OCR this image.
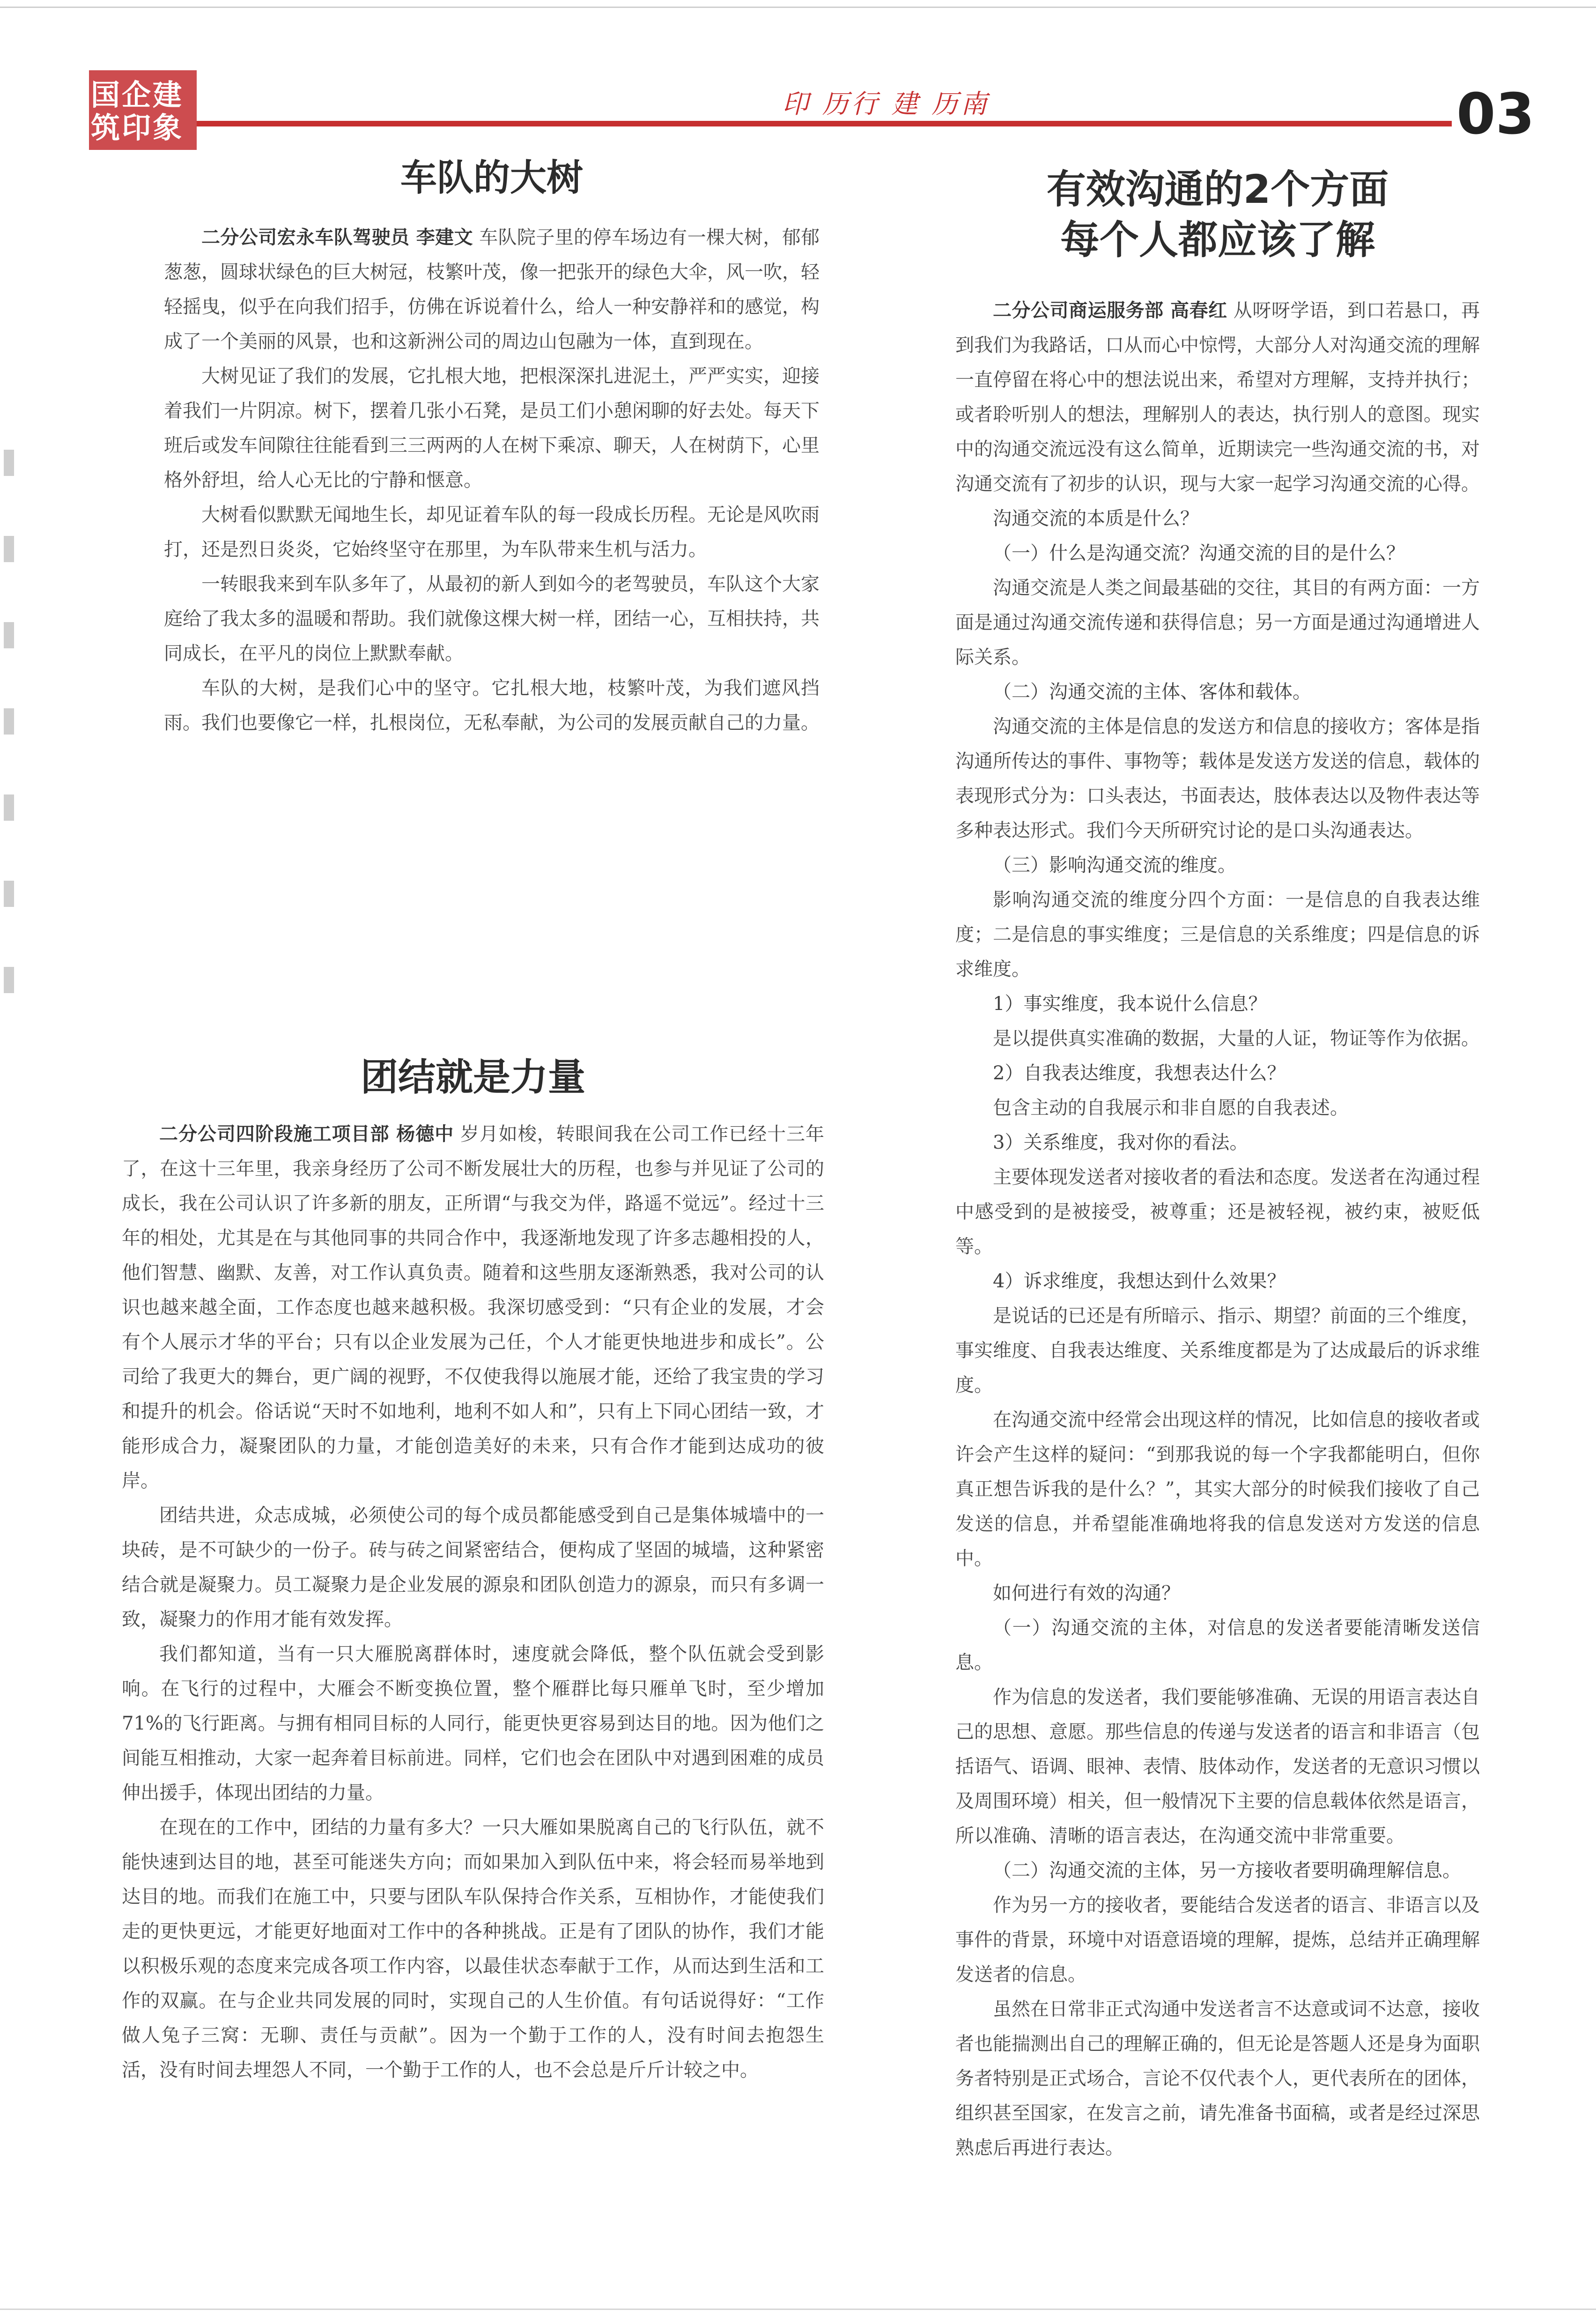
国企建筑印象
印 历行 建 历南	03
车队的大树

二分公司宏永车队驾驶员 李建文 车队院子里的停车场边有一棵大树，郁郁葱葱，圆球状绿色的巨大树冠，枝繁叶茂，像一把张开的绿色大伞，风一吹，轻轻摇曳，似乎在向我们招手，仿佛在诉说着什么，给人一种安静祥和的感觉，构成了一个美丽的风景，也和这新洲公司的周边山包融为一体，直到现在。

大树见证了我们的发展，它扎根大地，把根深深扎进泥土，严严实实，迎接着我们一片阴凉。树下，摆着几张小石凳，是员工们小憩闲聊的好去处。每天下班后或发车间隙往往能看到三三两两的人在树下乘凉、聊天，人在树荫下，心里格外舒坦，给人心无比的宁静和惬意。

大树看似默默无闻地生长，却见证着车队的每一段成长历程。无论是风吹雨打，还是烈日炎炎，它始终坚守在那里，为车队带来生机与活力。

一转眼我来到车队多年了，从最初的新人到如今的老驾驶员，车队这个大家庭给了我太多的温暖和帮助。我们就像这棵大树一样，团结一心，互相扶持，共同成长，在平凡的岗位上默默奉献。

车队的大树，是我们心中的坚守。它扎根大地，枝繁叶茂，为我们遮风挡雨。我们也要像它一样，扎根岗位，无私奉献，为公司的发展贡献自己的力量。

团结就是力量

二分公司四阶段施工项目部 杨德中 岁月如梭，转眼间我在公司工作已经十三年了，在这十三年里，我亲身经历了公司不断发展壮大的历程，也参与并见证了公司的成长，我在公司认识了许多新的朋友，正所谓“与我交为伴，路遥不觉远”。经过十三年的相处，尤其是在与其他同事的共同合作中，我逐渐地发现了许多志趣相投的人，他们智慧、幽默、友善，对工作认真负责。随着和这些朋友逐渐熟悉，我对公司的认识也越来越全面，工作态度也越来越积极。我深切感受到：“只有企业的发展，才会有个人展示才华的平台；只有以企业发展为己任，个人才能更快地进步和成长”。公司给了我更大的舞台，更广阔的视野，不仅使我得以施展才能，还给了我宝贵的学习和提升的机会。俗话说“天时不如地利，地利不如人和”，只有上下同心团结一致，才能形成合力，凝聚团队的力量，才能创造美好的未来，只有合作才能到达成功的彼岸。

团结共进，众志成城，必须使公司的每个成员都能感受到自己是集体城墙中的一块砖，是不可缺少的一份子。砖与砖之间紧密结合，便构成了坚固的城墙，这种紧密结合就是凝聚力。员工凝聚力是企业发展的源泉和团队创造力的源泉，而只有多调一致，凝聚力的作用才能有效发挥。

我们都知道，当有一只大雁脱离群体时，速度就会降低，整个队伍就会受到影响。在飞行的过程中，大雁会不断变换位置，整个雁群比每只雁单飞时，至少增加71%的飞行距离。与拥有相同目标的人同行，能更快更容易到达目的地。因为他们之间能互相推动，大家一起奔着目标前进。同样，它们也会在团队中对遇到困难的成员伸出援手，体现出团结的力量。

在现在的工作中，团结的力量有多大？一只大雁如果脱离自己的飞行队伍，就不能快速到达目的地，甚至可能迷失方向；而如果加入到队伍中来，将会轻而易举地到达目的地。而我们在施工中，只要与团队车队保持合作关系，互相协作，才能使我们走的更快更远，才能更好地面对工作中的各种挑战。正是有了团队的协作，我们才能以积极乐观的态度来完成各项工作内容，以最佳状态奉献于工作，从而达到生活和工作的双赢。在与企业共同发展的同时，实现自己的人生价值。有句话说得好：“工作做人兔子三窝：无聊、责任与贡献”。因为一个勤于工作的人，没有时间去抱怨生活，没有时间去埋怨人不同，一个勤于工作的人，也不会总是斤斤计较之中。

有效沟通的2个方面
每个人都应该了解

二分公司商运服务部 高春红 从呀呀学语，到口若悬口，再到我们为我路话，口从而心中惊愕，大部分人对沟通交流的理解一直停留在将心中的想法说出来，希望对方理解，支持并执行；或者聆听别人的想法，理解别人的表达，执行别人的意图。现实中的沟通交流远没有这么简单，近期读完一些沟通交流的书，对沟通交流有了初步的认识，现与大家一起学习沟通交流的心得。

沟通交流的本质是什么？

（一）什么是沟通交流？沟通交流的目的是什么？

沟通交流是人类之间最基础的交往，其目的有两方面：一方面是通过沟通交流传递和获得信息；另一方面是通过沟通增进人际关系。

（二）沟通交流的主体、客体和载体。

沟通交流的主体是信息的发送方和信息的接收方；客体是指沟通所传达的事件、事物等；载体是发送方发送的信息，载体的表现形式分为：口头表达，书面表达，肢体表达以及物件表达等多种表达形式。我们今天所研究讨论的是口头沟通表达。

（三）影响沟通交流的维度。

影响沟通交流的维度分四个方面：一是信息的自我表达维度；二是信息的事实维度；三是信息的关系维度；四是信息的诉求维度。

1）事实维度，我本说什么信息？

是以提供真实准确的数据，大量的人证，物证等作为依据。

2）自我表达维度，我想表达什么？

包含主动的自我展示和非自愿的自我表述。

3）关系维度，我对你的看法。

主要体现发送者对接收者的看法和态度。发送者在沟通过程中感受到的是被接受，被尊重；还是被轻视，被约束，被贬低等。

4）诉求维度，我想达到什么效果？

是说话的已还是有所暗示、指示、期望？前面的三个维度，事实维度、自我表达维度、关系维度都是为了达成最后的诉求维度。

在沟通交流中经常会出现这样的情况，比如信息的接收者或许会产生这样的疑问：“到那我说的每一个字我都能明白，但你真正想告诉我的是什么？”，其实大部分的时候我们接收了自己发送的信息，并希望能准确地将我的信息发送对方发送的信息中。

如何进行有效的沟通？

（一）沟通交流的主体，对信息的发送者要能清晰发送信息。

作为信息的发送者，我们要能够准确、无误的用语言表达自己的思想、意愿。那些信息的传递与发送者的语言和非语言（包括语气、语调、眼神、表情、肢体动作，发送者的无意识习惯以及周围环境）相关，但一般情况下主要的信息载体依然是语言，所以准确、清晰的语言表达，在沟通交流中非常重要。

（二）沟通交流的主体，另一方接收者要明确理解信息。

作为另一方的接收者，要能结合发送者的语言、非语言以及事件的背景，环境中对语意语境的理解，提炼，总结并正确理解发送者的信息。

虽然在日常非正式沟通中发送者言不达意或词不达意，接收者也能揣测出自己的理解正确的，但无论是答题人还是身为面职务者特别是正式场合，言论不仅代表个人，更代表所在的团体，组织甚至国家，在发言之前，请先准备书面稿，或者是经过深思熟虑后再进行表达。
